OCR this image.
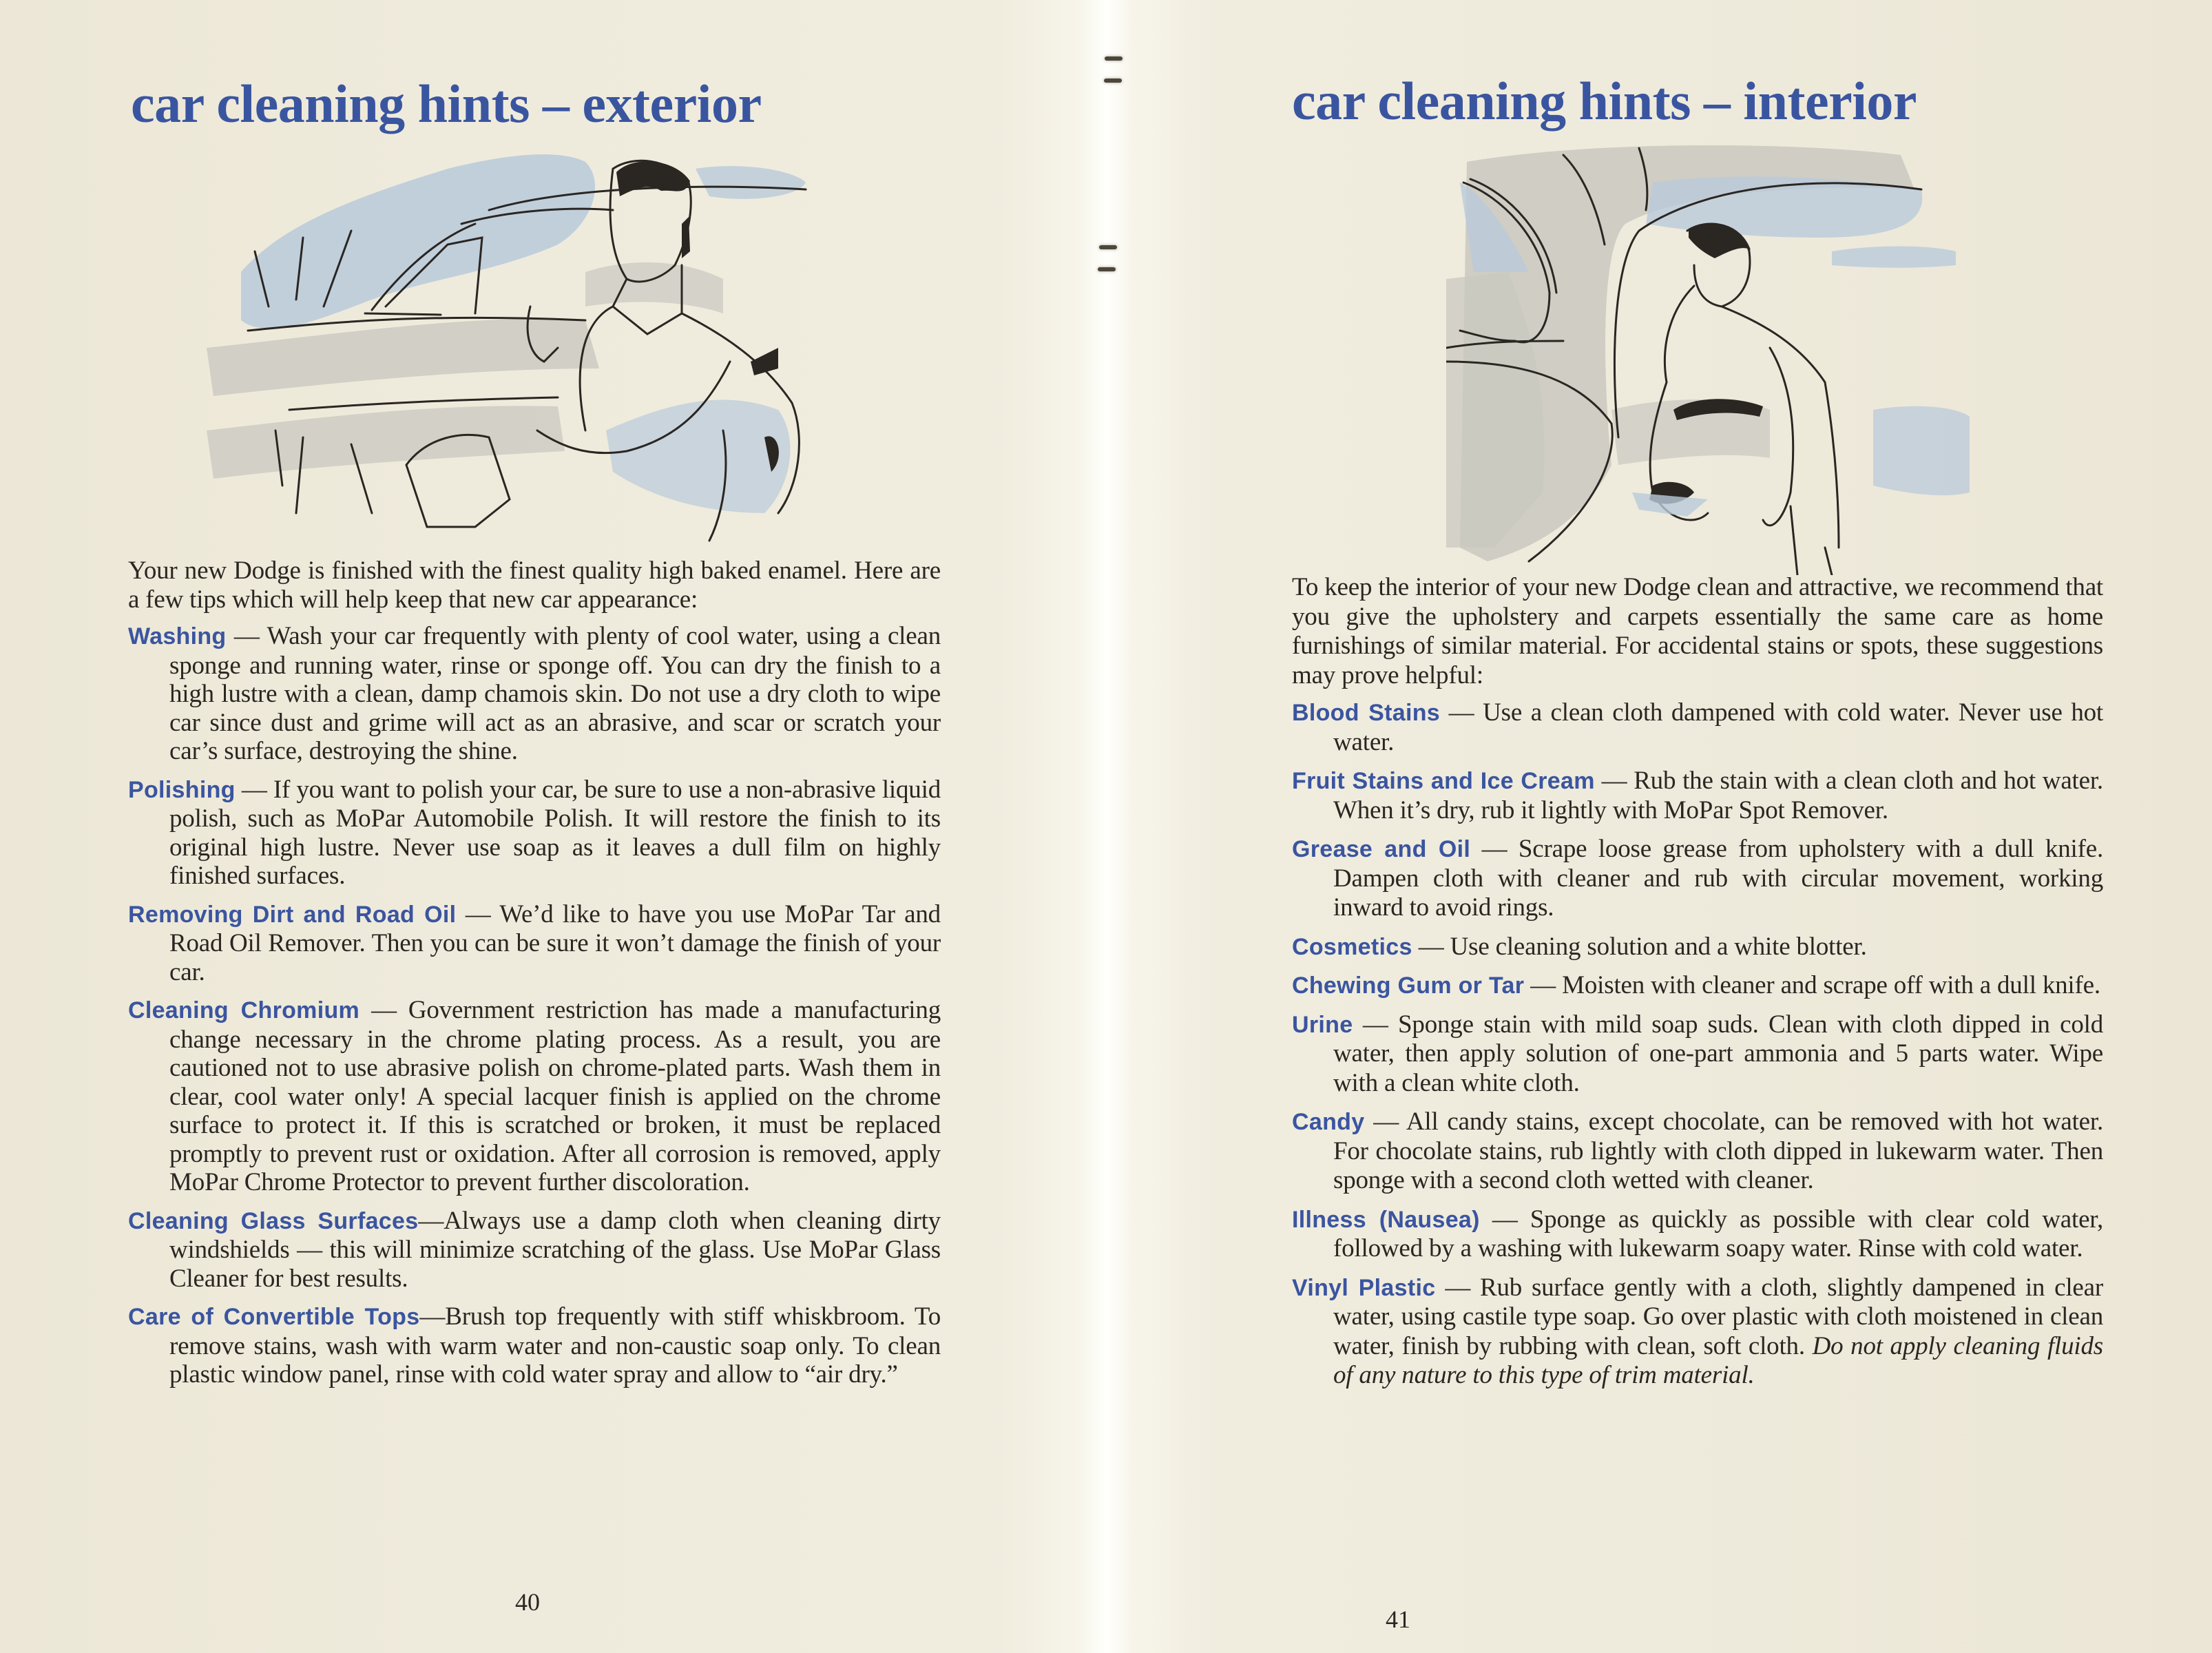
car cleaning hints – exterior

Your new Dodge is finished with the finest quality high baked enamel. Here are a few tips which will help keep that new car appearance:

Washing — Wash your car frequently with plenty of cool water, using a clean sponge and running water, rinse or sponge off. You can dry the finish to a high lustre with a clean, damp chamois skin. Do not use a dry cloth to wipe car since dust and grime will act as an abrasive, and scar or scratch your car’s surface, destroying the shine.

Polishing — If you want to polish your car, be sure to use a non-abrasive liquid polish, such as MoPar Automobile Polish. It will restore the finish to its original high lustre. Never use soap as it leaves a dull film on highly finished surfaces.

Removing Dirt and Road Oil — We’d like to have you use MoPar Tar and Road Oil Remover. Then you can be sure it won’t damage the finish of your car.

Cleaning Chromium — Government restriction has made a manufacturing change necessary in the chrome plating process. As a result, you are cautioned not to use abrasive polish on chrome-plated parts. Wash them in clear, cool water only! A special lacquer finish is applied on the chrome surface to protect it. If this is scratched or broken, it must be replaced promptly to prevent rust or oxidation. After all corrosion is removed, apply MoPar Chrome Protector to prevent further discoloration.

Cleaning Glass Surfaces—Always use a damp cloth when cleaning dirty windshields — this will minimize scratching of the glass. Use MoPar Glass Cleaner for best results.

Care of Convertible Tops—Brush top frequently with stiff whiskbroom. To remove stains, wash with warm water and non-caustic soap only. To clean plastic window panel, rinse with cold water spray and allow to “air dry.”

40
car cleaning hints – interior

To keep the interior of your new Dodge clean and attractive, we recommend that you give the upholstery and carpets essentially the same care as home furnishings of similar material. For accidental stains or spots, these suggestions may prove helpful:

Blood Stains — Use a clean cloth dampened with cold water. Never use hot water.

Fruit Stains and Ice Cream — Rub the stain with a clean cloth and hot water. When it’s dry, rub it lightly with MoPar Spot Remover.

Grease and Oil — Scrape loose grease from upholstery with a dull knife. Dampen cloth with cleaner and rub with circular movement, working inward to avoid rings.

Cosmetics — Use cleaning solution and a white blotter.

Chewing Gum or Tar — Moisten with cleaner and scrape off with a dull knife.

Urine — Sponge stain with mild soap suds. Clean with cloth dipped in cold water, then apply solution of one-part ammonia and 5 parts water. Wipe with a clean white cloth.

Candy — All candy stains, except chocolate, can be removed with hot water. For chocolate stains, rub lightly with cloth dipped in lukewarm water. Then sponge with a second cloth wetted with cleaner.

Illness (Nausea) — Sponge as quickly as possible with clear cold water, followed by a washing with lukewarm soapy water. Rinse with cold water.

Vinyl Plastic — Rub surface gently with a cloth, slightly dampened in clear water, using castile type soap. Go over plastic with cloth moistened in clean water, finish by rubbing with clean, soft cloth. Do not apply cleaning fluids of any nature to this type of trim material.

41
